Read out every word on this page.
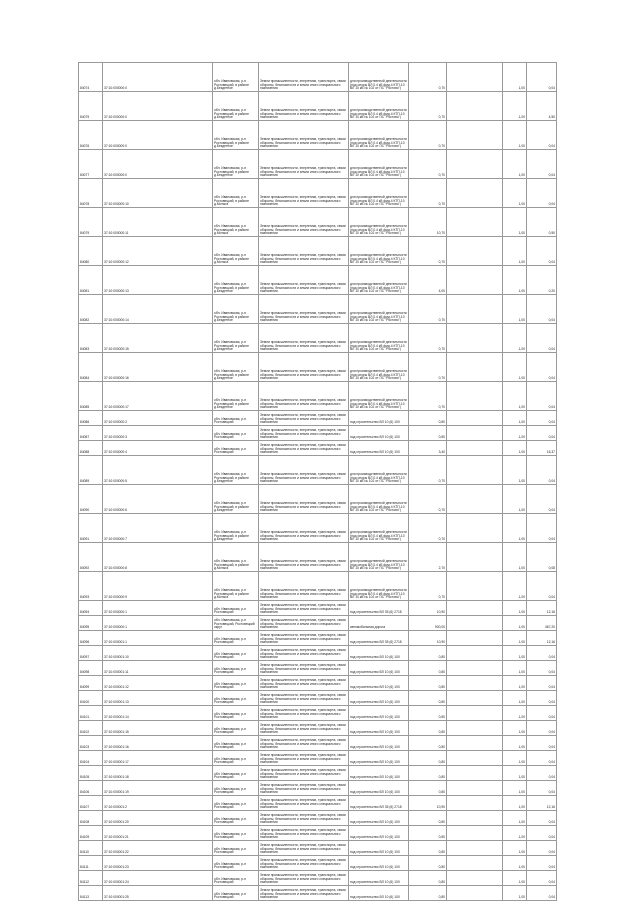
84074	37:10:000000:0	обл. Ивановская, р-н Ростовецкий, в районе д.Бездетное	Земли промышленности, энергетики, транспорта, связи обороны, безопасности и земли иного специального назначения	для производственной деятельности (под опоры ВЛ 0.4 кВ фид.4 КТП-10 ВЛ 10 кВ № 102 от ПС "Ростово")	0,70		1,00	0,04
84075	37:10:000000:0	обл. Ивановская, р-н Ростовецкий, в районе д.Бездетное	Земли промышленности, энергетики, транспорта, связи обороны, безопасности и земли иного специального назначения	для производственной деятельности (под опоры ВЛ 0.4 кВ фид.4 КТП-10 ВЛ 10 кВ № 102 от ПС "Ростово")	0,70		1,00	4,50
84076	37:10:000000:0	обл. Ивановская, р-н Ростовецкий, в районе д.Бездетное	Земли промышленности, энергетики, транспорта, связи обороны, безопасности и земли иного специального назначения	для производственной деятельности (под опоры ВЛ 0.4 кВ фид.4 КТП-10 ВЛ 10 кВ № 102 от ПС "Ростово")	0,70		1,00	0,04
84077	37:10:000000:0	обл. Ивановская, р-н Ростовецкий, в районе д.Бездетное	Земли промышленности, энергетики, транспорта, связи обороны, безопасности и земли иного специального назначения	для производственной деятельности (под опоры ВЛ 0.4 кВ фид.4 КТП-10 ВЛ 10 кВ № 102 от ПС "Ростово")	0,70		1,00	0,04
84078	37:10:000000:10	обл. Ивановская, р-н Ростовецкий, в районе д.Мотыга	Земли промышленности, энергетики, транспорта, связи обороны, безопасности и земли иного специального назначения	для производственной деятельности (под опоры ВЛ 0.4 кВ фид.4 КТП-10 ВЛ 10 кВ № 102 от ПС "Ростово")	0,70		1,00	0,04
84079	37:10:000000:11	обл. Ивановская, р-н Ростовецкий, в районе д.Мотыга	Земли промышленности, энергетики, транспорта, связи обороны, безопасности и земли иного специального назначения	для производственной деятельности (под опоры ВЛ 0.4 кВ фид.4 КТП-10 ВЛ 10 кВ № 102 от ПС "Ростово")	10,70		1,00	0,50
84080	37:10:000000:12	обл. Ивановская, р-н Ростовецкий, в районе д.Мотыга	Земли промышленности, энергетики, транспорта, связи обороны, безопасности и земли иного специального назначения	для производственной деятельности (под опоры ВЛ 0.4 кВ фид.4 КТП-10 ВЛ 10 кВ № 102 от ПС "Ростово")	0,70		1,00	0,04
84081	37:10:000000:13	обл. Ивановская, р-н Ростовецкий, в районе д.Бездетное	Земли промышленности, энергетики, транспорта, связи обороны, безопасности и земли иного специального назначения	для производственной деятельности (под опоры ВЛ 0.4 кВ фид.4 КТП-10 ВЛ 10 кВ № 102 от ПС "Ростово")	4,00		1,00	0,20
84082	37:10:000000:14	обл. Ивановская, р-н Ростовецкий, в районе д.Бездетное	Земли промышленности, энергетики, транспорта, связи обороны, безопасности и земли иного специального назначения	для производственной деятельности (под опоры ВЛ 0.4 кВ фид.4 КТП-10 ВЛ 10 кВ № 102 от ПС "Ростово")	0,70		1,00	0,04
84083	37:10:000000:15	обл. Ивановская, р-н Ростовецкий, в районе д.Бездетное	Земли промышленности, энергетики, транспорта, связи обороны, безопасности и земли иного специального назначения	для производственной деятельности (под опоры ВЛ 0.4 кВ фид.4 КТП-10 ВЛ 10 кВ № 102 от ПС "Ростово")	0,70		1,00	0,04
84084	37:10:000000:16	обл. Ивановская, р-н Ростовецкий, в районе д.Бездетное	Земли промышленности, энергетики, транспорта, связи обороны, безопасности и земли иного специального назначения	для производственной деятельности (под опоры ВЛ 0.4 кВ фид.4 КТП-10 ВЛ 10 кВ № 102 от ПС "Ростово")	0,70		1,00	0,04
84085	37:10:000000:17	обл. Ивановская, р-н Ростовецкий, в районе д.Бездетное	Земли промышленности, энергетики, транспорта, связи обороны, безопасности и земли иного специального назначения	для производственной деятельности (под опоры ВЛ 0.4 кВ фид.4 КТП-10 ВЛ 10 кВ № 102 от ПС "Ростово")	0,70		1,00	0,04
84086	37:10:000000:2	обл. Ивановская, р-н Ростовецкий	Земли промышленности, энергетики, транспорта, связи обороны, безопасности и земли иного специального назначения	под строительство ВЛ 10 (6) 100	0,80		1,00	0,04
84087	37:10:000000:3	обл. Ивановская, р-н Ростовецкий	Земли промышленности, энергетики, транспорта, связи обороны, безопасности и земли иного специального назначения	под строительство ВЛ 10 (6) 100	0,80		1,00	0,04
84088	37:10:000000:4	обл. Ивановская, р-н Ростовецкий	Земли промышленности, энергетики, транспорта, связи обороны, безопасности и земли иного специального назначения	под строительство ВЛ 10 (6) 100	3,40		1,00	16,37
84089	37:10:000000:5	обл. Ивановская, р-н Ростовецкий, в районе д.Бездетное	Земли промышленности, энергетики, транспорта, связи обороны, безопасности и земли иного специального назначения	для производственной деятельности (под опоры ВЛ 0.4 кВ фид.4 КТП-10 ВЛ 10 кВ № 102 от ПС "Ростово")	0,70		1,00	0,04
84090	37:10:000000:6	обл. Ивановская, р-н Ростовецкий, в районе д.Бездетное	Земли промышленности, энергетики, транспорта, связи обороны, безопасности и земли иного специального назначения	для производственной деятельности (под опоры ВЛ 0.4 кВ фид.4 КТП-10 ВЛ 10 кВ № 102 от ПС "Ростово")	0,70		1,00	0,04
84091	37:10:000000:7	обл. Ивановская, р-н Ростовецкий, в районе д.Бездетное	Земли промышленности, энергетики, транспорта, связи обороны, безопасности и земли иного специального назначения	для производственной деятельности (под опоры ВЛ 0.4 кВ фид.4 КТП-10 ВЛ 10 кВ № 102 от ПС "Ростово")	0,70		1,00	0,04
84092	37:10:000000:8	обл. Ивановская, р-н Ростовецкий, в районе д.Мотыга	Земли промышленности, энергетики, транспорта, связи обороны, безопасности и земли иного специального назначения	для производственной деятельности (под опоры ВЛ 0.4 кВ фид.4 КТП-10 ВЛ 10 кВ № 102 от ПС "Ростово")	2,70		1,00	0,08
84093	37:10:000000:9	обл. Ивановская, р-н Ростовецкий, в районе д.Мотыга	Земли промышленности, энергетики, транспорта, связи обороны, безопасности и земли иного специального назначения	для производственной деятельности (под опоры ВЛ 0.4 кВ фид.4 КТП-10 ВЛ 10 кВ № 102 от ПС "Ростово")	0,70		1,00	0,04
84094	37:10:000000:1	обл. Ивановская, р-н Ростовецкий	Земли промышленности, энергетики, транспорта, связи обороны, безопасности и земли иного специального назначения	под строительство ВЛ 35 (6) 2718	10,90		1,00	12,16
84095	37:10:000000:1	обл. Ивановская, р-н Ростовецкий, Ростовецкий округ	Земли промышленности, энергетики, транспорта, связи обороны, безопасности и земли иного специального назначения	автомобильная дорога	900,00		1,00	467,20
84096	37:10:000001:1	обл. Ивановская, р-н Ростовецкий	Земли промышленности, энергетики, транспорта, связи обороны, безопасности и земли иного специального назначения	под строительство ВЛ 35 (6) 2718	10,90		1,00	12,16
84097	37:10:000001:10	обл. Ивановская, р-н Ростовецкий	Земли промышленности, энергетики, транспорта, связи обороны, безопасности и земли иного специального назначения	под строительство ВЛ 10 (6) 100	0,80		1,00	0,04
84098	37:10:000001:11	обл. Ивановская, р-н Ростовецкий	Земли промышленности, энергетики, транспорта, связи обороны, безопасности и земли иного специального назначения	под строительство ВЛ 10 (6) 100	0,80		1,00	0,04
84099	37:10:000001:12	обл. Ивановская, р-н Ростовецкий	Земли промышленности, энергетики, транспорта, связи обороны, безопасности и земли иного специального назначения	под строительство ВЛ 10 (6) 100	0,80		1,00	0,04
84100	37:10:000001:13	обл. Ивановская, р-н Ростовецкий	Земли промышленности, энергетики, транспорта, связи обороны, безопасности и земли иного специального назначения	под строительство ВЛ 10 (6) 100	0,80		1,00	0,04
84101	37:10:000001:14	обл. Ивановская, р-н Ростовецкий	Земли промышленности, энергетики, транспорта, связи обороны, безопасности и земли иного специального назначения	под строительство ВЛ 10 (6) 100	0,80		1,00	0,04
84102	37:10:000001:15	обл. Ивановская, р-н Ростовецкий	Земли промышленности, энергетики, транспорта, связи обороны, безопасности и земли иного специального назначения	под строительство ВЛ 10 (6) 100	0,80		1,00	0,04
84103	37:10:000001:16	обл. Ивановская, р-н Ростовецкий	Земли промышленности, энергетики, транспорта, связи обороны, безопасности и земли иного специального назначения	под строительство ВЛ 10 (6) 100	0,80		1,00	0,04
84104	37:10:000001:17	обл. Ивановская, р-н Ростовецкий	Земли промышленности, энергетики, транспорта, связи обороны, безопасности и земли иного специального назначения	под строительство ВЛ 10 (6) 100	0,80		1,00	0,04
84105	37:10:000001:18	обл. Ивановская, р-н Ростовецкий	Земли промышленности, энергетики, транспорта, связи обороны, безопасности и земли иного специального назначения	под строительство ВЛ 10 (6) 100	0,80		1,00	0,04
84106	37:10:000001:19	обл. Ивановская, р-н Ростовецкий	Земли промышленности, энергетики, транспорта, связи обороны, безопасности и земли иного специального назначения	под строительство ВЛ 10 (6) 100	0,80		1,00	0,04
84107	37:10:000001:2	обл. Ивановская, р-н Ростовецкий	Земли промышленности, энергетики, транспорта, связи обороны, безопасности и земли иного специального назначения	под строительство ВЛ 35 (6) 2718	10,90		1,00	12,16
84108	37:10:000001:20	обл. Ивановская, р-н Ростовецкий	Земли промышленности, энергетики, транспорта, связи обороны, безопасности и земли иного специального назначения	под строительство ВЛ 10 (6) 100	0,80		1,00	0,04
84109	37:10:000001:21	обл. Ивановская, р-н Ростовецкий	Земли промышленности, энергетики, транспорта, связи обороны, безопасности и земли иного специального назначения	под строительство ВЛ 10 (6) 100	0,80		1,00	0,04
84110	37:10:000001:22	обл. Ивановская, р-н Ростовецкий	Земли промышленности, энергетики, транспорта, связи обороны, безопасности и земли иного специального назначения	под строительство ВЛ 10 (6) 100	0,80		1,00	0,04
84111	37:10:000001:23	обл. Ивановская, р-н Ростовецкий	Земли промышленности, энергетики, транспорта, связи обороны, безопасности и земли иного специального назначения	под строительство ВЛ 10 (6) 100	0,80		1,00	0,04
84112	37:10:000001:24	обл. Ивановская, р-н Ростовецкий	Земли промышленности, энергетики, транспорта, связи обороны, безопасности и земли иного специального назначения	под строительство ВЛ 10 (6) 100	0,80		1,00	0,04
84113	37:10:000001:25	обл. Ивановская, р-н Ростовецкий	Земли промышленности, энергетики, транспорта, связи обороны, безопасности и земли иного специального назначения	под строительство ВЛ 10 (6) 100	0,80		1,00	0,04
